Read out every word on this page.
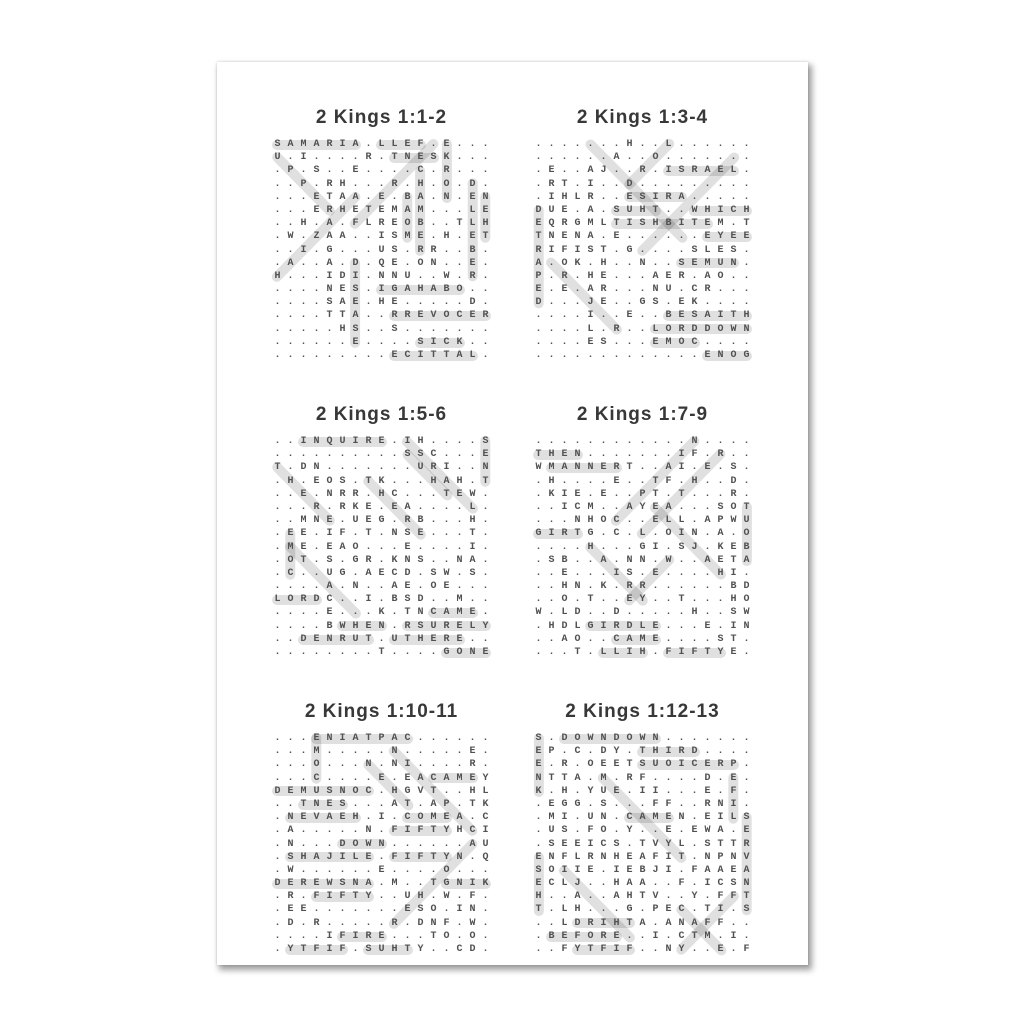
2 Kings 1:1-2
S A M A R I A . L L E F . E . . .
U . I . . . . R . T N E S K . . .
. P . S . . E . . . . C . R . . .
. . P . R H . . . R . H . O . D .
. . . E T A A . E . B A . N . E N
. . . E R H E T E M A M . . . L E
. . H . A . F L R E O B . . T L H
. W . Z A A . . I S M E . H . E T
. . I . G . . . U S . R R . . B .
. A . . A . D . Q E . O N . . E .
H . . . I D I . N N U . . W . R .
. . . . N E S . I G A H A B O . .
. . . . S A E . H E . . . . . D .
. . . . T T A . . R R E V O C E R
. . . . . H S . . S . . . . . . .
. . . . . . E . . . . S I C K . .
. . . . . . . . . E C I T T A L .
2 Kings 1:3-4
. . . . . . . H . . L . . . . . .
. . . . . . A . . O . . . . . . .
. E . . A J . . R . I S R A E L .
. R T . I . . D . . . . . . . . .
. I H L R . . E S I R A . . . . .
D U E . A . S U H T . . W H I C H
E Q R G M L T I S H B I T E M . T
T N E N A . E . . . . . . E Y E E
R I F I S T . G . . . . S L E S .
A . O K . H . . N . . S E M U N .
P . R . H E . . . A E R . A O . .
E . E . A R . . . N U . C R . . .
D . . . J E . . G S . E K . . . .
. . . . I . . E . . B E S A I T H
. . . . L . R . . L O R D D O W N
. . . . E S . . . E M O C . . . .
. . . . . . . . . . . . . E N O G
2 Kings 1:5-6
. . I N Q U I R E . I H . . . . S
. . . . . . . . . . S S C . . . E
T . D N . . . . . . . U R I . . N
. H . E O S . T K . . . H A H . T
. . E . N R R . H C . . . T E W .
. . . R . R K E . E A . . . . L .
. . M N E . U E G . R B . . . H .
. E E . I F . T . N S E . . . T .
. M E . E A O . . . E . . . . I .
. O T . S . G R . K N S . . N A .
. C . . U G . A E C D . S W . S .
. . . . A . N . . A E . O E . . .
L O R D C . . I . B S D . . M . .
. . . . E . . . K . T N C A M E .
. . . . B W H E N . R S U R E L Y
. . D E N R U T . U T H E R E . .
. . . . . . . . T . . . . G O N E
2 Kings 1:7-9
. . . . . . . . . . . . N . . . .
T H E N . . . . . . . I F . R . .
W M A N N E R T . . A I . E . S .
. H . . . . E . . T F . H . . D .
. K I E . E . . P T . T . . . R .
. . I C M . . A Y E A . . . S O T
. . . N H O C . . E L L . A P W U
G I R T G . C . L . O I N . A . O
. . . . H . . . G I . S J . K E B
. S B . . A . N N . W . . A E T A
. . E . . . I S . E . . . . H I .
. . H N . K . R R . . . . . . B D
. . O . T . . E Y . . T . . . H O
W . L D . . D . . . . . H . . S W
. H D L G I R D L E . . . E . I N
. . A O . . C A M E . . . . S T .
. . . T . L L I H . F I F T Y E .
2 Kings 1:10-11
. . . E N I A T P A C . . . . . .
. . . M . . . . . N . . . . . E .
. . . O . . . N . N I . . . . R .
. . . C . . . . E . E A C A M E Y
D E M U S N O C . H G V T . . H L
. . T N E S . . . A T . A P . T K
. N E V A E H . I . C O M E A . C
. A . . . . . N . F I F T Y H C I
. N . . . D O W N . . . . . . A U
. S H A J I L E . F I F T Y N . Q
. W . . . . . . E . . . . O . . .
D E R E W S N A . M . . T G N I K
. R . F I F T Y . . U H . W . F .
. E E . . . . . . . E S O . I N .
. D . R . . . . . R . D N F . W .
. . . . I F I R E . . . T O . O .
. Y T F I F . S U H T Y . . C D .
2 Kings 1:12-13
S . D O W N D O W N . . . . . . .
E P . C . D Y . T H I R D . . . .
E . R . O E E T S U O I C E R P .
N T T A . M . R F . . . . D . E .
K . H . Y U E . I I . . . E . F .
. E G G . S . . . F F . . R N I .
. M I . U N . C A M E N . E I L S
. U S . F O . Y . . E . E W A . E
. S E E I C S . T V Y L . S T T R
E N F L R N H E A F I T . N P N V
S O I I E . I E B J I . F A A E A
E C L J . . H A A . . F . I C S N
H . . A . . A H T V . . Y . F F T
T . L H . . . G . P E C . T I . S
. . L D R I H T A . A N A F F . .
. B E F O R E . . I . C T M . I .
. . F Y T F I F . . N Y . . E . F
